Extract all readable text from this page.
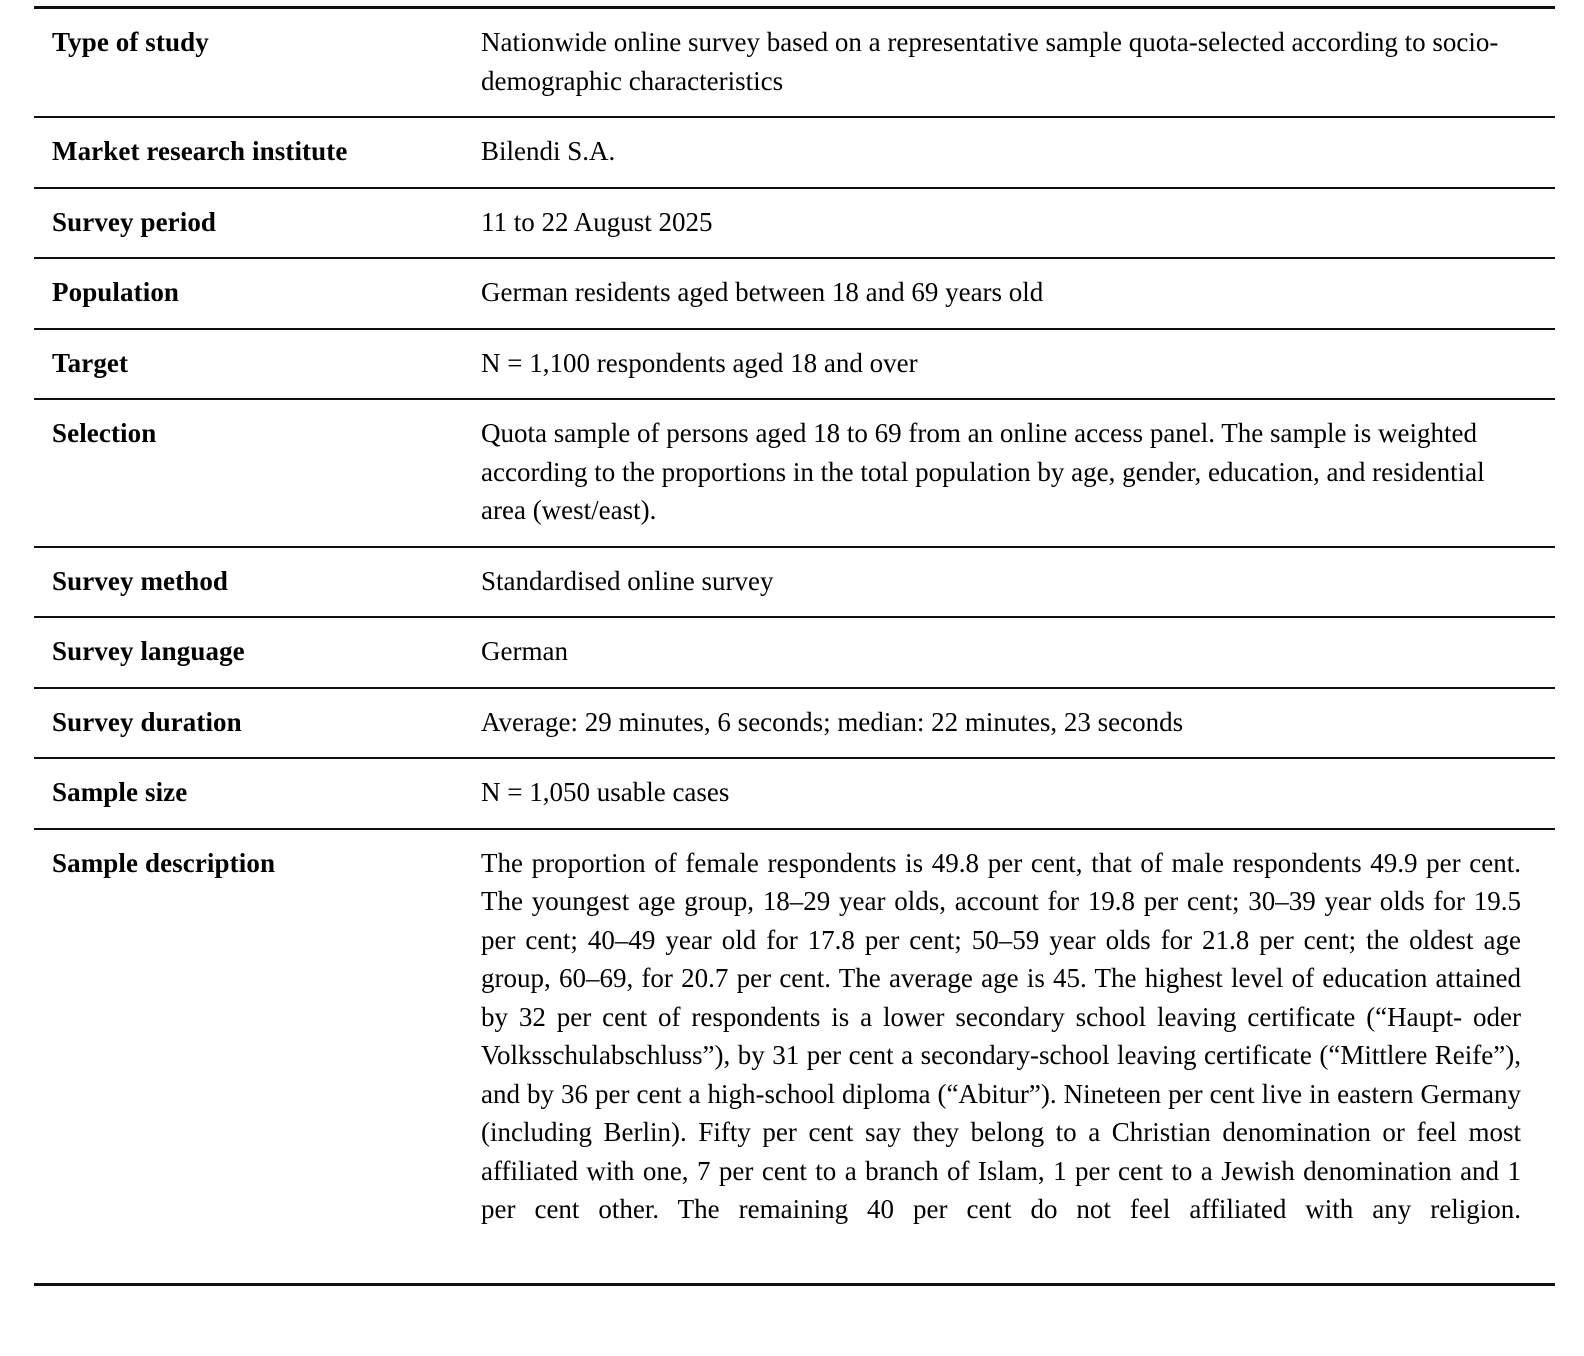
Type of study	Nationwide online survey based on a representative sample quota-selected according to socio-demographic characteristics

Market research institute	Bilendi S.A.

Survey period	11 to 22 August 2025

Population	German residents aged between 18 and 69 years old

Target	N = 1,100 respondents aged 18 and over

Selection	Quota sample of persons aged 18 to 69 from an online access panel. The sample is weighted according to the proportions in the total population by age, gender, education, and residential area (west/east).

Survey method	Standardised online survey

Survey language	German

Survey duration	Average: 29 minutes, 6 seconds; median: 22 minutes, 23 seconds

Sample size	N = 1,050 usable cases

Sample description	The proportion of female respondents is 49.8 per cent, that of male respondents 49.9 per cent. The youngest age group, 18–29 year olds, account for 19.8 per cent; 30–39 year olds for 19.5 per cent; 40–49 year old for 17.8 per cent; 50–59 year olds for 21.8 per cent; the oldest age group, 60–69, for 20.7 per cent. The average age is 45. The highest level of education attained by 32 per cent of respondents is a lower secondary school leaving certificate (“Haupt- oder Volksschulabschluss”), by 31 per cent a secondary-school leaving certificate (“Mittlere Reife”), and by 36 per cent a high-school diploma (“Abitur”). Nineteen per cent live in eastern Germany (including Berlin). Fifty per cent say they belong to a Christian denomination or feel most affiliated with one, 7 per cent to a branch of Islam, 1 per cent to a Jewish denomination and 1 per cent other. The remaining 40 per cent do not feel affiliated with any religion.
